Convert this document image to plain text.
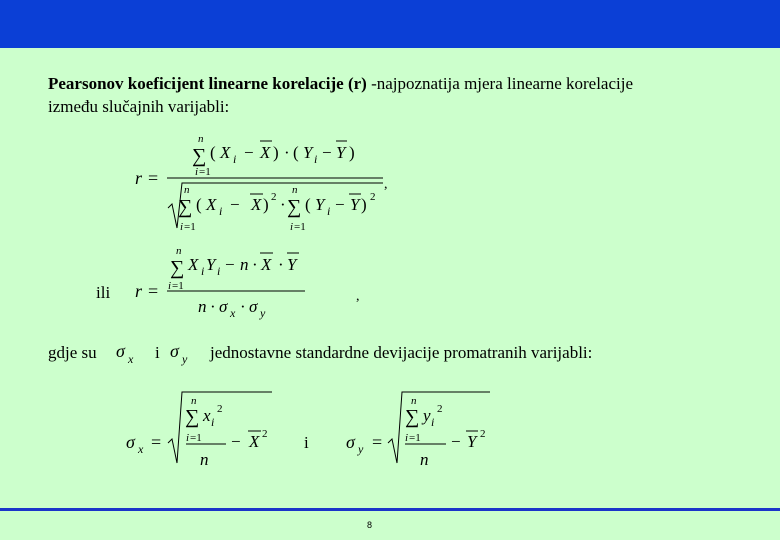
Pearsonov koeficijent linearne korelacije (r) -najpoznatija mjera linearne korelacije
između slučajnih varijabli:
ili
gdje su	i	jednostavne standardne devijacije promatranih varijabli:
i
n
∑ ( X i − X ) · ( Y i − Y )
i =1
r =	,
n
∑ ( X i − X ) 2 ·
n
∑ ( Y i − Y ) 2
i =1	i =1
n
∑ X i Y i − n · X · Y
i =1
r =	,
n · σ x · σ y
σ x σ y
σ x =
n
∑ x i
2
i =1
n
− X 2	σ y =
n
∑ y i
2
i =1
n
− Y 2
8
